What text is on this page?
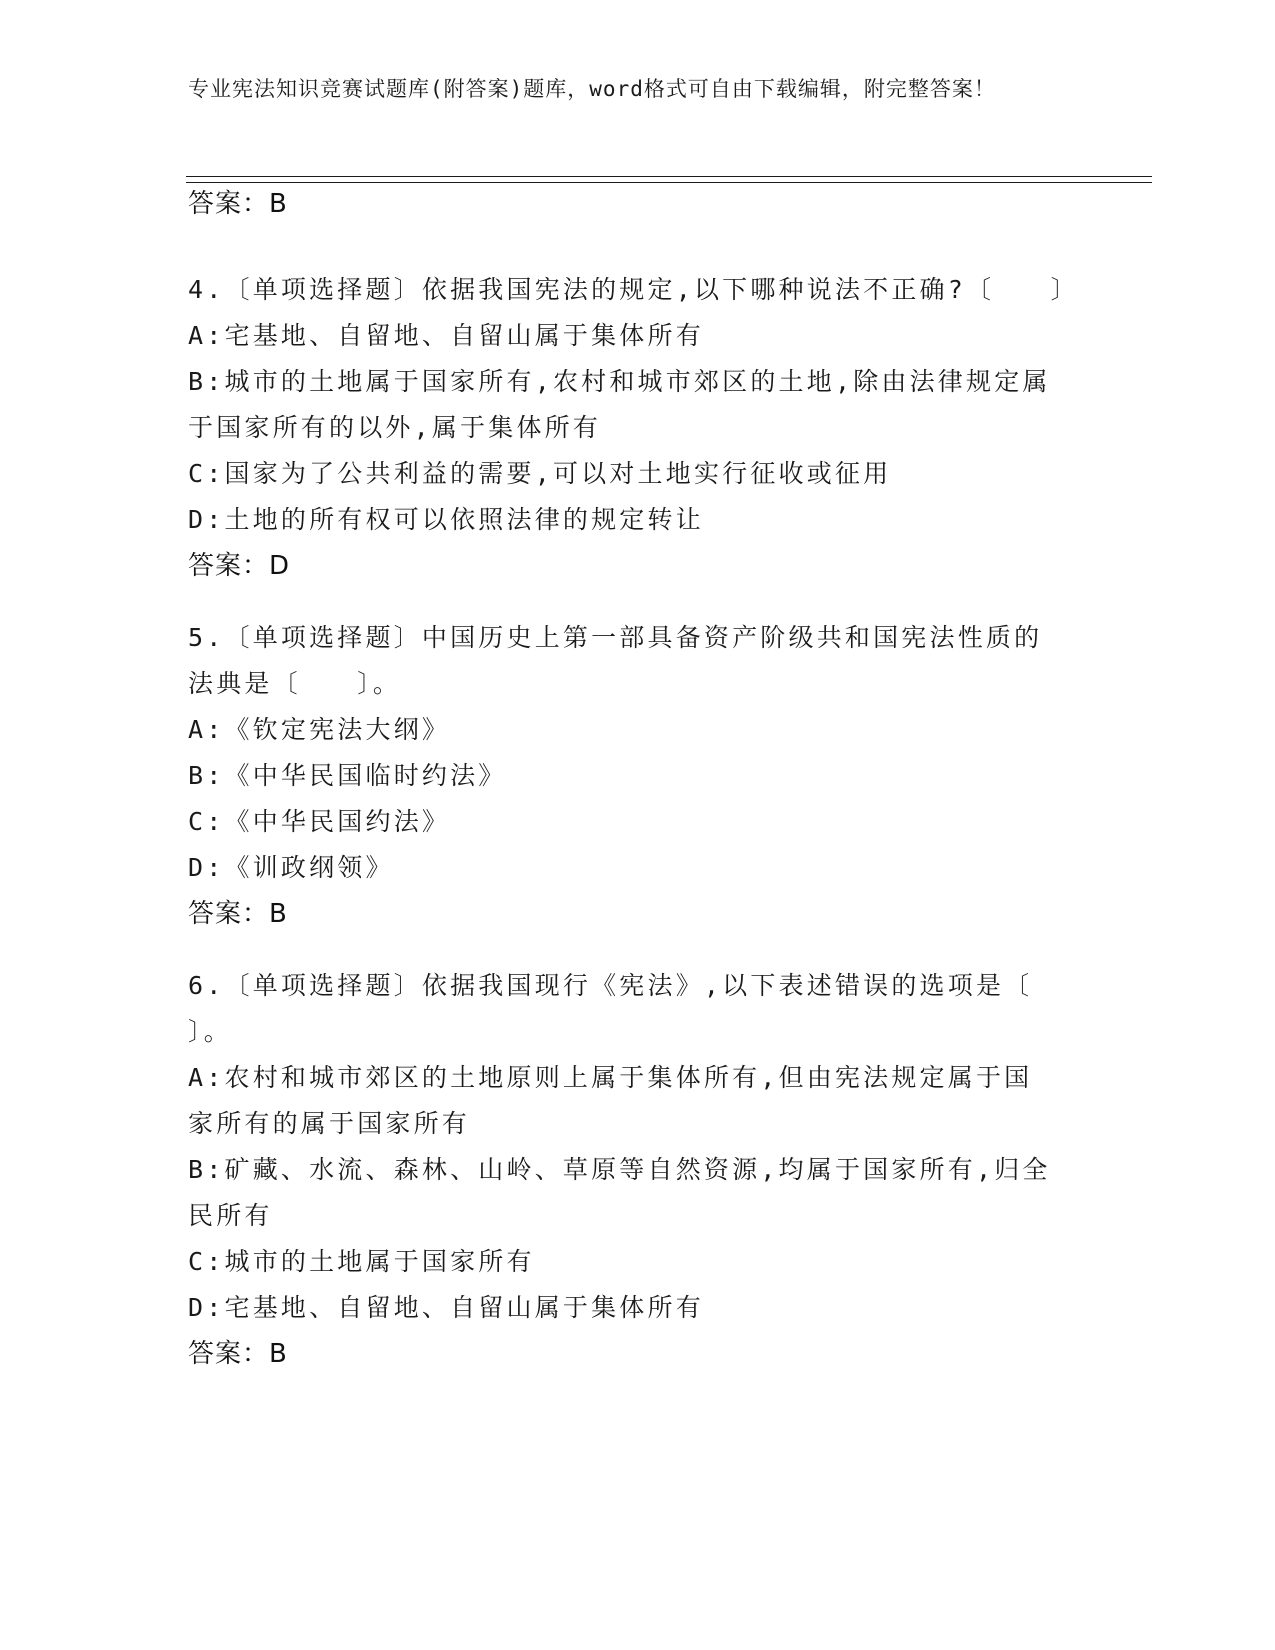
专业宪法知识竞赛试题库(附答案)题库，word格式可自由下载编辑，附完整答案！
答案：B
4.〔单项选择题〕依据我国宪法的规定,以下哪种说法不正确?〔　　〕
A:宅基地、自留地、自留山属于集体所有
B:城市的土地属于国家所有,农村和城市郊区的土地,除由法律规定属
于国家所有的以外,属于集体所有
C:国家为了公共利益的需要,可以对土地实行征收或征用
D:土地的所有权可以依照法律的规定转让
答案：D
5.〔单项选择题〕中国历史上第一部具备资产阶级共和国宪法性质的
法典是〔　　〕。
A:《钦定宪法大纲》
B:《中华民国临时约法》
C:《中华民国约法》
D:《训政纲领》
答案：B
6.〔单项选择题〕依据我国现行《宪法》,以下表述错误的选项是〔
〕。
A:农村和城市郊区的土地原则上属于集体所有,但由宪法规定属于国
家所有的属于国家所有
B:矿藏、水流、森林、山岭、草原等自然资源,均属于国家所有,归全
民所有
C:城市的土地属于国家所有
D:宅基地、自留地、自留山属于集体所有
答案：B
